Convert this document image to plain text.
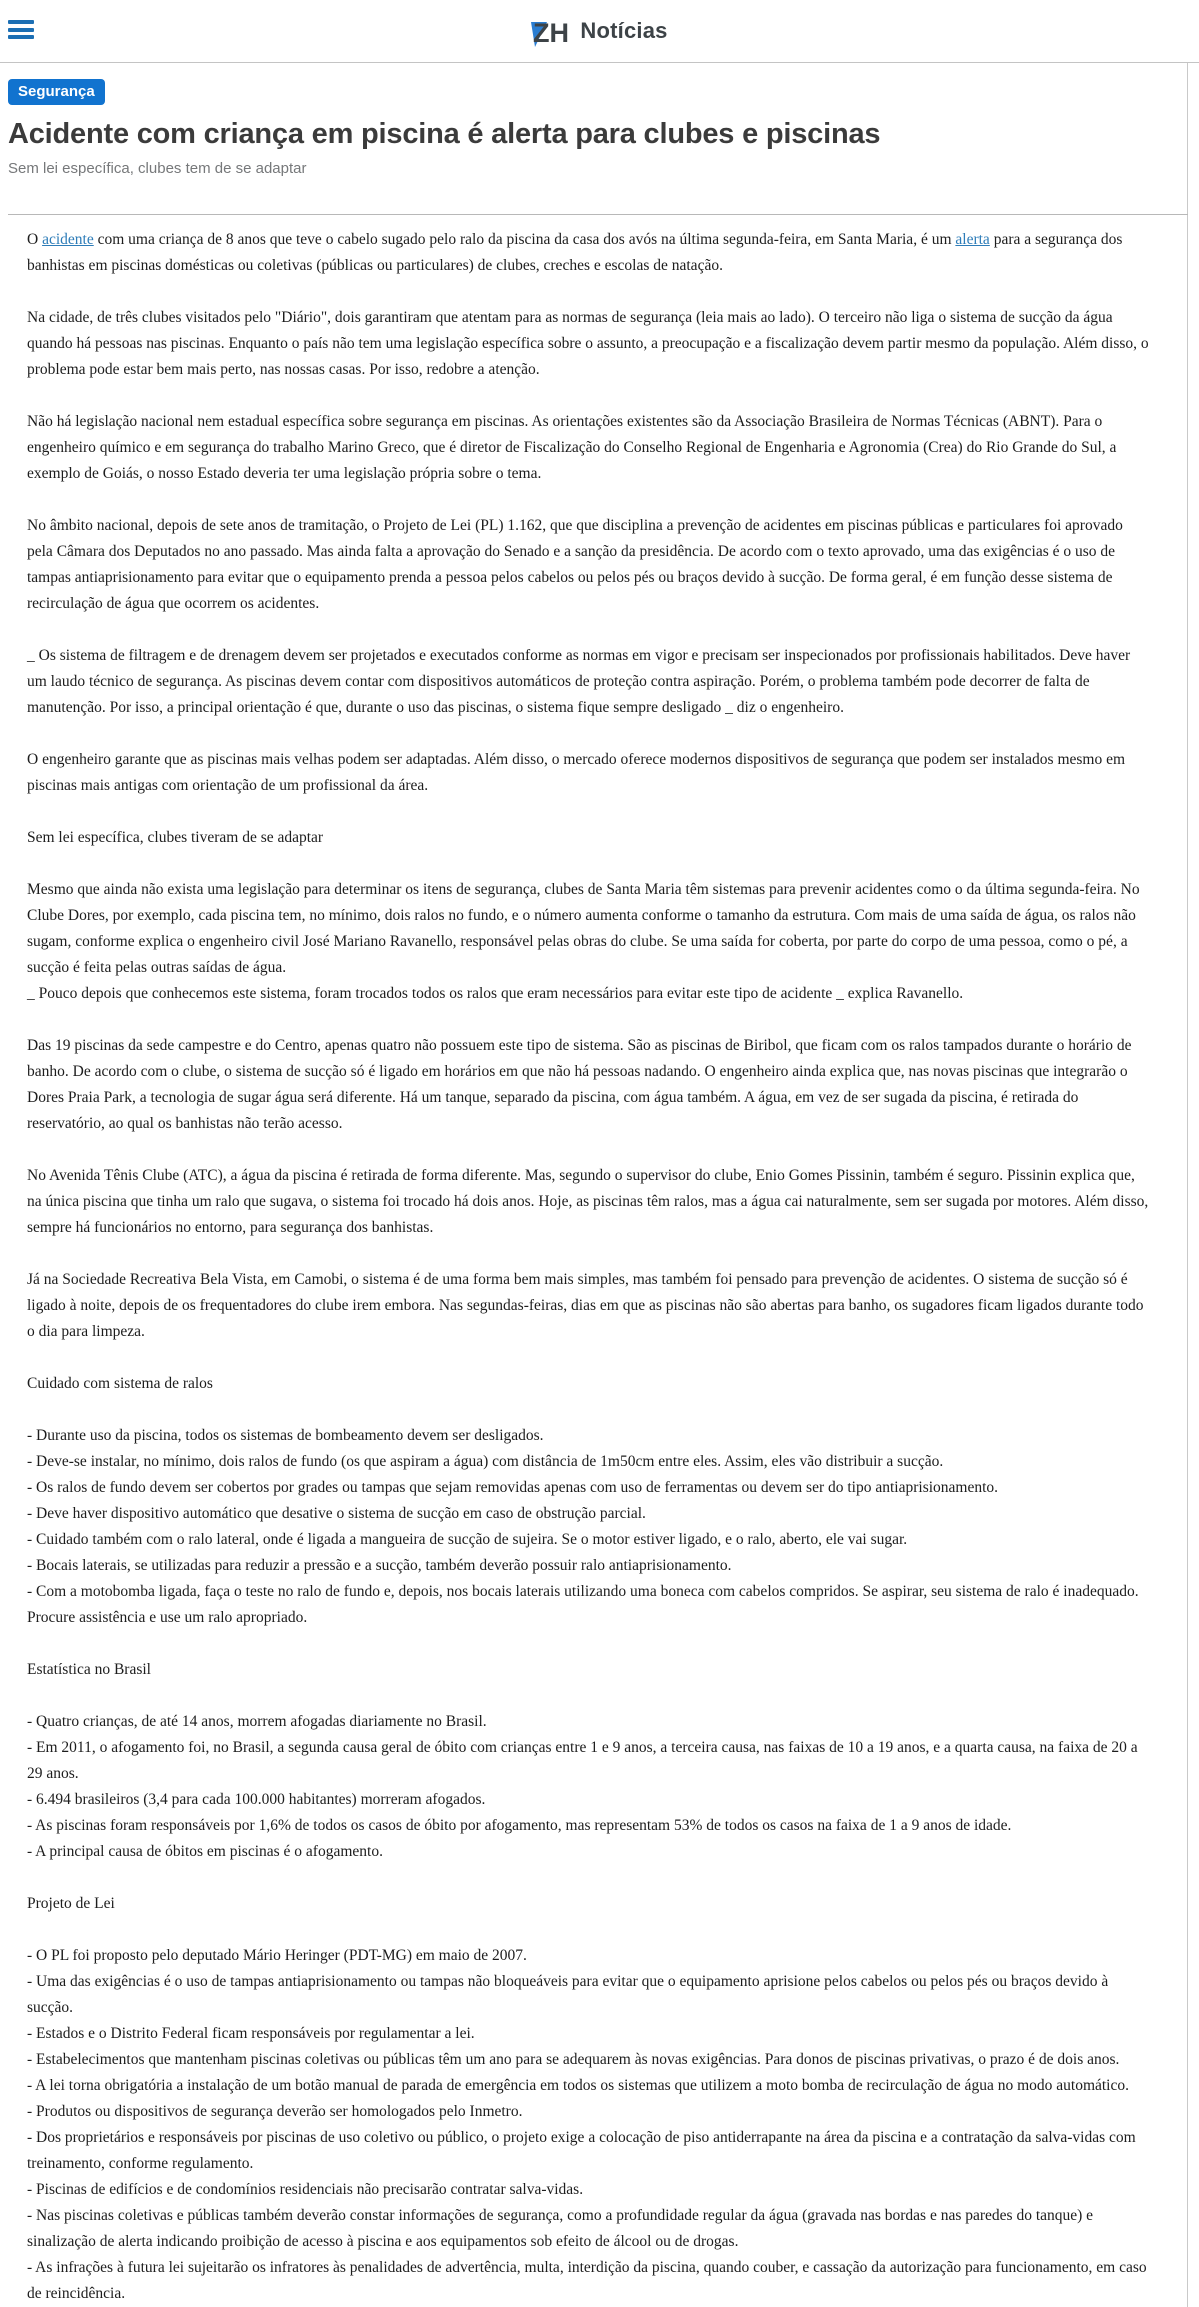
ZH Notícias
Segurança
Acidente com criança em piscina é alerta para clubes e piscinas
Sem lei específica, clubes tem de se adaptar

O acidente com uma criança de 8 anos que teve o cabelo sugado pelo ralo da piscina da casa dos avós na última segunda-feira, em Santa Maria, é um alerta para a segurança dos banhistas em piscinas domésticas ou coletivas (públicas ou particulares) de clubes, creches e escolas de natação.

Na cidade, de três clubes visitados pelo "Diário", dois garantiram que atentam para as normas de segurança (leia mais ao lado). O terceiro não liga o sistema de sucção da água quando há pessoas nas piscinas. Enquanto o país não tem uma legislação específica sobre o assunto, a preocupação e a fiscalização devem partir mesmo da população. Além disso, o problema pode estar bem mais perto, nas nossas casas. Por isso, redobre a atenção.

Não há legislação nacional nem estadual específica sobre segurança em piscinas. As orientações existentes são da Associação Brasileira de Normas Técnicas (ABNT). Para o engenheiro químico e em segurança do trabalho Marino Greco, que é diretor de Fiscalização do Conselho Regional de Engenharia e Agronomia (Crea) do Rio Grande do Sul, a exemplo de Goiás, o nosso Estado deveria ter uma legislação própria sobre o tema.

No âmbito nacional, depois de sete anos de tramitação, o Projeto de Lei (PL) 1.162, que que disciplina a prevenção de acidentes em piscinas públicas e particulares foi aprovado pela Câmara dos Deputados no ano passado. Mas ainda falta a aprovação do Senado e a sanção da presidência. De acordo com o texto aprovado, uma das exigências é o uso de tampas antiaprisionamento para evitar que o equipamento prenda a pessoa pelos cabelos ou pelos pés ou braços devido à sucção. De forma geral, é em função desse sistema de recirculação de água que ocorrem os acidentes.

_ Os sistema de filtragem e de drenagem devem ser projetados e executados conforme as normas em vigor e precisam ser inspecionados por profissionais habilitados. Deve haver um laudo técnico de segurança. As piscinas devem contar com dispositivos automáticos de proteção contra aspiração. Porém, o problema também pode decorrer de falta de manutenção. Por isso, a principal orientação é que, durante o uso das piscinas, o sistema fique sempre desligado _ diz o engenheiro.

O engenheiro garante que as piscinas mais velhas podem ser adaptadas. Além disso, o mercado oferece modernos dispositivos de segurança que podem ser instalados mesmo em piscinas mais antigas com orientação de um profissional da área.

Sem lei específica, clubes tiveram de se adaptar

Mesmo que ainda não exista uma legislação para determinar os itens de segurança, clubes de Santa Maria têm sistemas para prevenir acidentes como o da última segunda-feira. No Clube Dores, por exemplo, cada piscina tem, no mínimo, dois ralos no fundo, e o número aumenta conforme o tamanho da estrutura. Com mais de uma saída de água, os ralos não sugam, conforme explica o engenheiro civil José Mariano Ravanello, responsável pelas obras do clube. Se uma saída for coberta, por parte do corpo de uma pessoa, como o pé, a sucção é feita pelas outras saídas de água.
_ Pouco depois que conhecemos este sistema, foram trocados todos os ralos que eram necessários para evitar este tipo de acidente _ explica Ravanello.

Das 19 piscinas da sede campestre e do Centro, apenas quatro não possuem este tipo de sistema. São as piscinas de Biribol, que ficam com os ralos tampados durante o horário de banho. De acordo com o clube, o sistema de sucção só é ligado em horários em que não há pessoas nadando. O engenheiro ainda explica que, nas novas piscinas que integrarão o Dores Praia Park, a tecnologia de sugar água será diferente. Há um tanque, separado da piscina, com água também. A água, em vez de ser sugada da piscina, é retirada do reservatório, ao qual os banhistas não terão acesso.

No Avenida Tênis Clube (ATC), a água da piscina é retirada de forma diferente. Mas, segundo o supervisor do clube, Enio Gomes Pissinin, também é seguro. Pissinin explica que, na única piscina que tinha um ralo que sugava, o sistema foi trocado há dois anos. Hoje, as piscinas têm ralos, mas a água cai naturalmente, sem ser sugada por motores. Além disso, sempre há funcionários no entorno, para segurança dos banhistas.

Já na Sociedade Recreativa Bela Vista, em Camobi, o sistema é de uma forma bem mais simples, mas também foi pensado para prevenção de acidentes. O sistema de sucção só é ligado à noite, depois de os frequentadores do clube irem embora. Nas segundas-feiras, dias em que as piscinas não são abertas para banho, os sugadores ficam ligados durante todo o dia para limpeza.

Cuidado com sistema de ralos
- Durante uso da piscina, todos os sistemas de bombeamento devem ser desligados.
- Deve-se instalar, no mínimo, dois ralos de fundo (os que aspiram a água) com distância de 1m50cm entre eles. Assim, eles vão distribuir a sucção.
- Os ralos de fundo devem ser cobertos por grades ou tampas que sejam removidas apenas com uso de ferramentas ou devem ser do tipo antiaprisionamento.
- Deve haver dispositivo automático que desative o sistema de sucção em caso de obstrução parcial.
- Cuidado também com o ralo lateral, onde é ligada a mangueira de sucção de sujeira. Se o motor estiver ligado, e o ralo, aberto, ele vai sugar.
- Bocais laterais, se utilizadas para reduzir a pressão e a sucção, também deverão possuir ralo antiaprisionamento.
- Com a motobomba ligada, faça o teste no ralo de fundo e, depois, nos bocais laterais utilizando uma boneca com cabelos compridos. Se aspirar, seu sistema de ralo é inadequado. Procure assistência e use um ralo apropriado.
Estatística no Brasil
- Quatro crianças, de até 14 anos, morrem afogadas diariamente no Brasil.
- Em 2011, o afogamento foi, no Brasil, a segunda causa geral de óbito com crianças entre 1 e 9 anos, a terceira causa, nas faixas de 10 a 19 anos, e a quarta causa, na faixa de 20 a 29 anos.
- 6.494 brasileiros (3,4 para cada 100.000 habitantes) morreram afogados.
- As piscinas foram responsáveis por 1,6% de todos os casos de óbito por afogamento, mas representam 53% de todos os casos na faixa de 1 a 9 anos de idade.
- A principal causa de óbitos em piscinas é o afogamento.
Projeto de Lei
- O PL foi proposto pelo deputado Mário Heringer (PDT-MG) em maio de 2007.
- Uma das exigências é o uso de tampas antiaprisionamento ou tampas não bloqueáveis para evitar que o equipamento aprisione pelos cabelos ou pelos pés ou braços devido à sucção.
- Estados e o Distrito Federal ficam responsáveis por regulamentar a lei.
- Estabelecimentos que mantenham piscinas coletivas ou públicas têm um ano para se adequarem às novas exigências. Para donos de piscinas privativas, o prazo é de dois anos.
- A lei torna obrigatória a instalação de um botão manual de parada de emergência em todos os sistemas que utilizem a moto bomba de recirculação de água no modo automático.
- Produtos ou dispositivos de segurança deverão ser homologados pelo Inmetro.
- Dos proprietários e responsáveis por piscinas de uso coletivo ou público, o projeto exige a colocação de piso antiderrapante na área da piscina e a contratação da salva-vidas com treinamento, conforme regulamento.
- Piscinas de edifícios e de condomínios residenciais não precisarão contratar salva-vidas.
- Nas piscinas coletivas e públicas também deverão constar informações de segurança, como a profundidade regular da água (gravada nas bordas e nas paredes do tanque) e sinalização de alerta indicando proibição de acesso à piscina e aos equipamentos sob efeito de álcool ou de drogas.
- As infrações à futura lei sujeitarão os infratores às penalidades de advertência, multa, interdição da piscina, quando couber, e cassação da autorização para funcionamento, em caso de reincidência.
